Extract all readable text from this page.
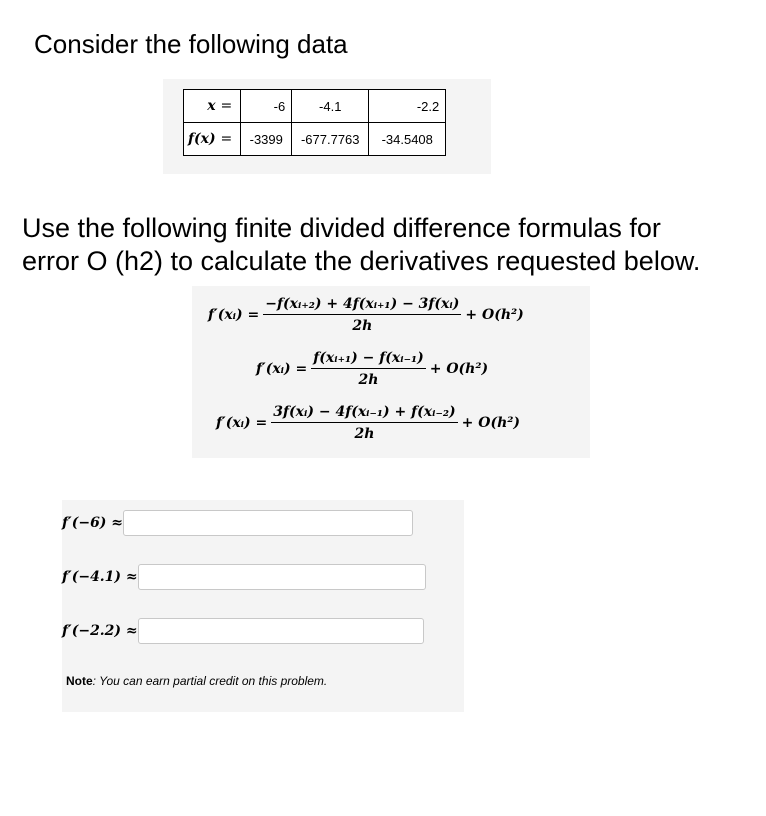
Consider the following data
x =	-6	-4.1	-2.2
f(x) =	-3399	-677.7763	-34.5408
Use the following finite divided difference formulas for
error O (h2) to calculate the derivatives requested below.
f′(xᵢ) = $\frac{\text{−f(xᵢ₊₂) + 4f(xᵢ₊₁) − 3f(xᵢ)}}{2h} + O(h^2)$
f′(xᵢ) = $\frac{\text{f(xᵢ₊₁) − f(xᵢ₋₁)}}{2h} + O(h^2)$
f′(xᵢ) = $\frac{\text{3f(xᵢ) − 4f(xᵢ₋₁) + f(xᵢ₋₂)}}{2h} + O(h^2)$
f′(−6) ≈
f′(−4.1) ≈
f′(−2.2) ≈
Note: You can earn partial credit on this problem.
